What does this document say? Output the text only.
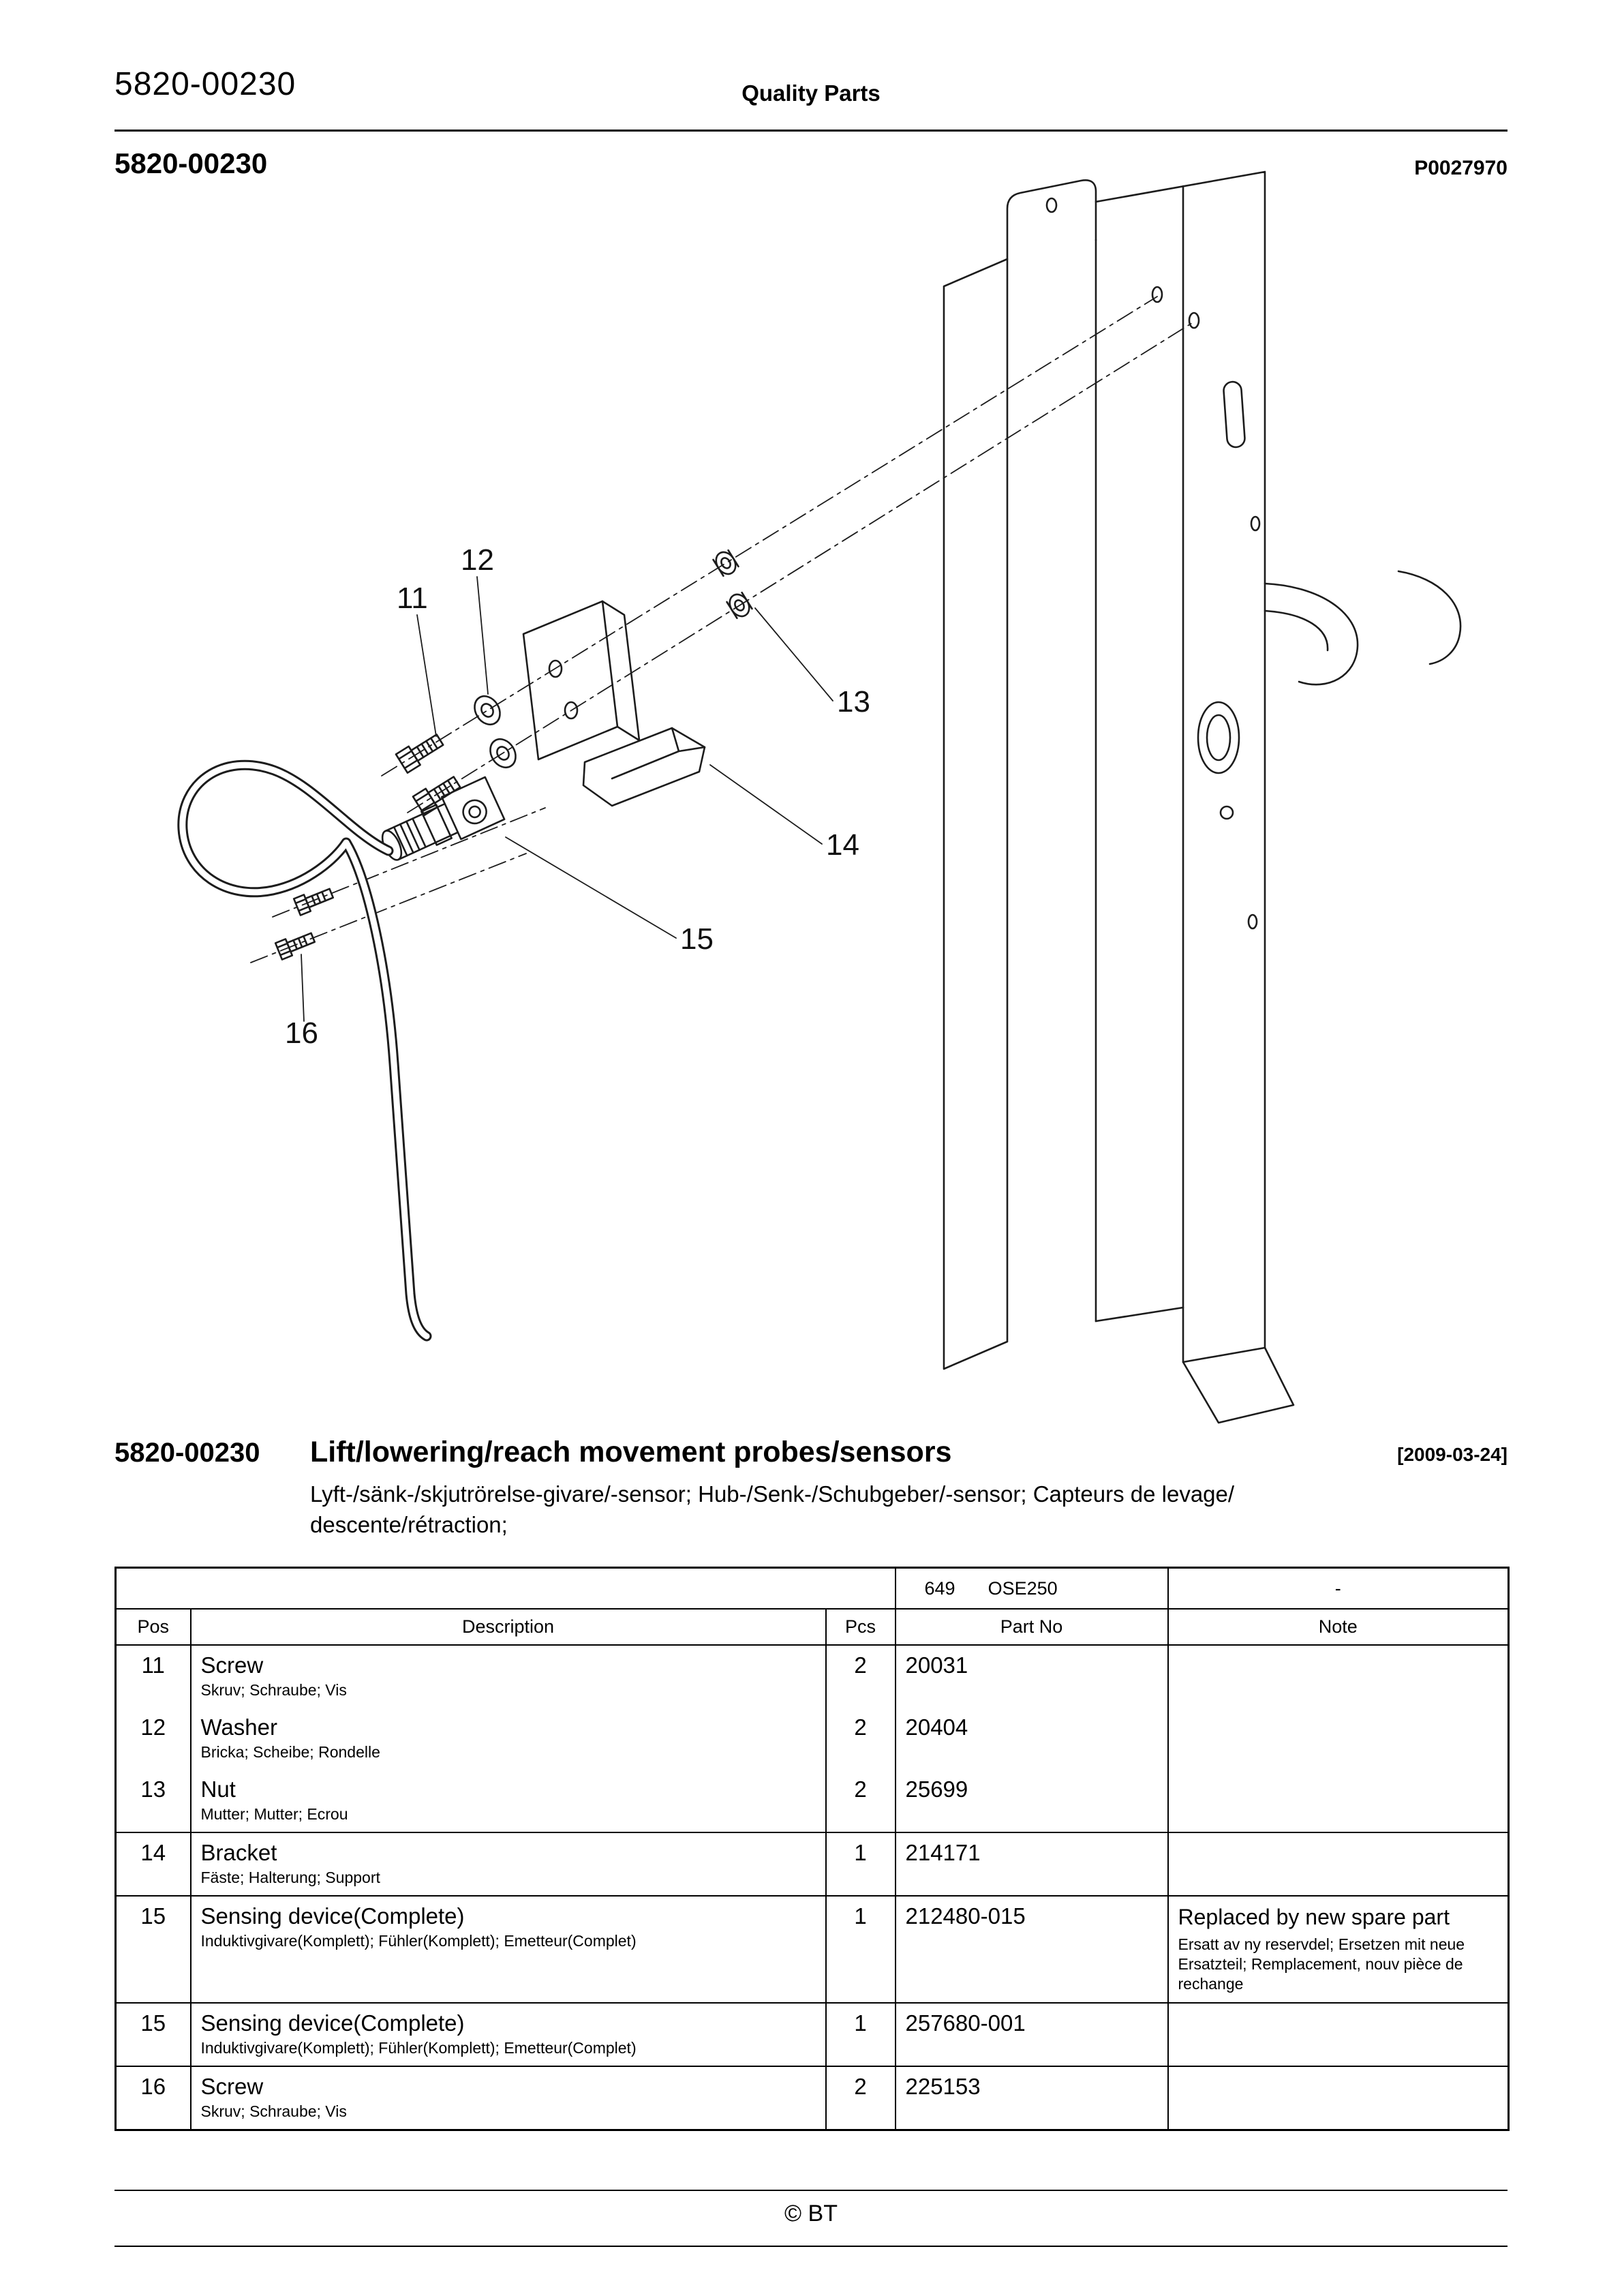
5820-00230	Quality Parts
5820-00230	P0027970
11
12
13
14
15
16
5820-00230	Lift/lowering/reach movement probes/sensors	[2009-03-24]
Lyft-/sänk-/skjutrörelse-givare/-sensor; Hub-/Senk-/Schubgeber/-sensor; Capteurs de levage/
descente/rétraction;
			649 OSE250	-
Pos	Description	Pcs	Part No	Note
11	Screw
Skruv; Schraube; Vis	2	20031	

12	Washer
Bricka; Scheibe; Rondelle	2	20404	

13	Nut
Mutter; Mutter; Ecrou	2	25699	

14	Bracket
Fäste; Halterung; Support	1	214171	

15	Sensing device(Complete)
Induktivgivare(Komplett); Fühler(Komplett); Emetteur(Complet)
	1	212480-015	Replaced by new spare part
Ersatt av ny reservdel; Ersetzen mit neue Ersatzteil; Remplacement, nouv pièce de rechange

15	Sensing device(Complete)
Induktivgivare(Komplett); Fühler(Komplett); Emetteur(Complet)	1	257680-001	

16	Screw
Skruv; Schraube; Vis	2	225153	
© BT
